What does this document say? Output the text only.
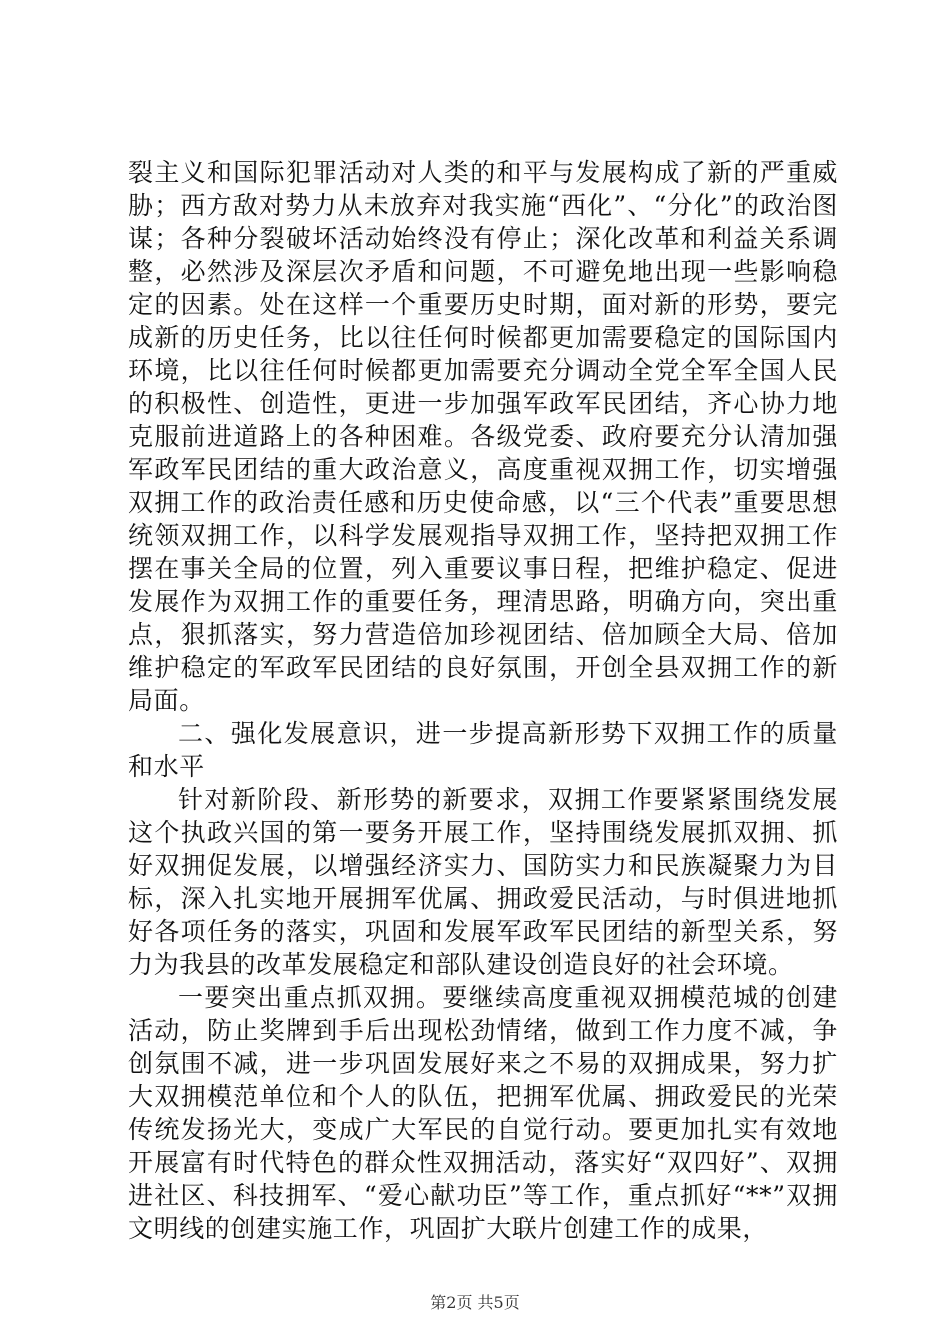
裂主义和国际犯罪活动对人类的和平与发展构成了新的严重威胁；西方敌对势力从未放弃对我实施“西化”、“分化”的政治图谋；各种分裂破坏活动始终没有停止；深化改革和利益关系调整，必然涉及深层次矛盾和问题，不可避免地出现一些影响稳定的因素。处在这样一个重要历史时期，面对新的形势，要完成新的历史任务，比以往任何时候都更加需要稳定的国际国内环境，比以往任何时候都更加需要充分调动全党全军全国人民的积极性、创造性，更进一步加强军政军民团结，齐心协力地克服前进道路上的各种困难。各级党委、政府要充分认清加强军政军民团结的重大政治意义，高度重视双拥工作，切实增强双拥工作的政治责任感和历史使命感，以“三个代表”重要思想统领双拥工作，以科学发展观指导双拥工作，坚持把双拥工作摆在事关全局的位置，列入重要议事日程，把维护稳定、促进发展作为双拥工作的重要任务，理清思路，明确方向，突出重点，狠抓落实，努力营造倍加珍视团结、倍加顾全大局、倍加维护稳定的军政军民团结的良好氛围，开创全县双拥工作的新局面。

二、强化发展意识，进一步提高新形势下双拥工作的质量和水平

针对新阶段、新形势的新要求，双拥工作要紧紧围绕发展这个执政兴国的第一要务开展工作，坚持围绕发展抓双拥、抓好双拥促发展，以增强经济实力、国防实力和民族凝聚力为目标，深入扎实地开展拥军优属、拥政爱民活动，与时俱进地抓好各项任务的落实，巩固和发展军政军民团结的新型关系，努力为我县的改革发展稳定和部队建设创造良好的社会环境。

一要突出重点抓双拥。要继续高度重视双拥模范城的创建活动，防止奖牌到手后出现松劲情绪，做到工作力度不减，争创氛围不减，进一步巩固发展好来之不易的双拥成果，努力扩大双拥模范单位和个人的队伍，把拥军优属、拥政爱民的光荣传统发扬光大，变成广大军民的自觉行动。要更加扎实有效地开展富有时代特色的群众性双拥活动，落实好“双四好”、双拥进社区、科技拥军、“爱心献功臣”等工作，重点抓好“**”双拥文明线的创建实施工作，巩固扩大联片创建工作的成果，

第2页 共5页
